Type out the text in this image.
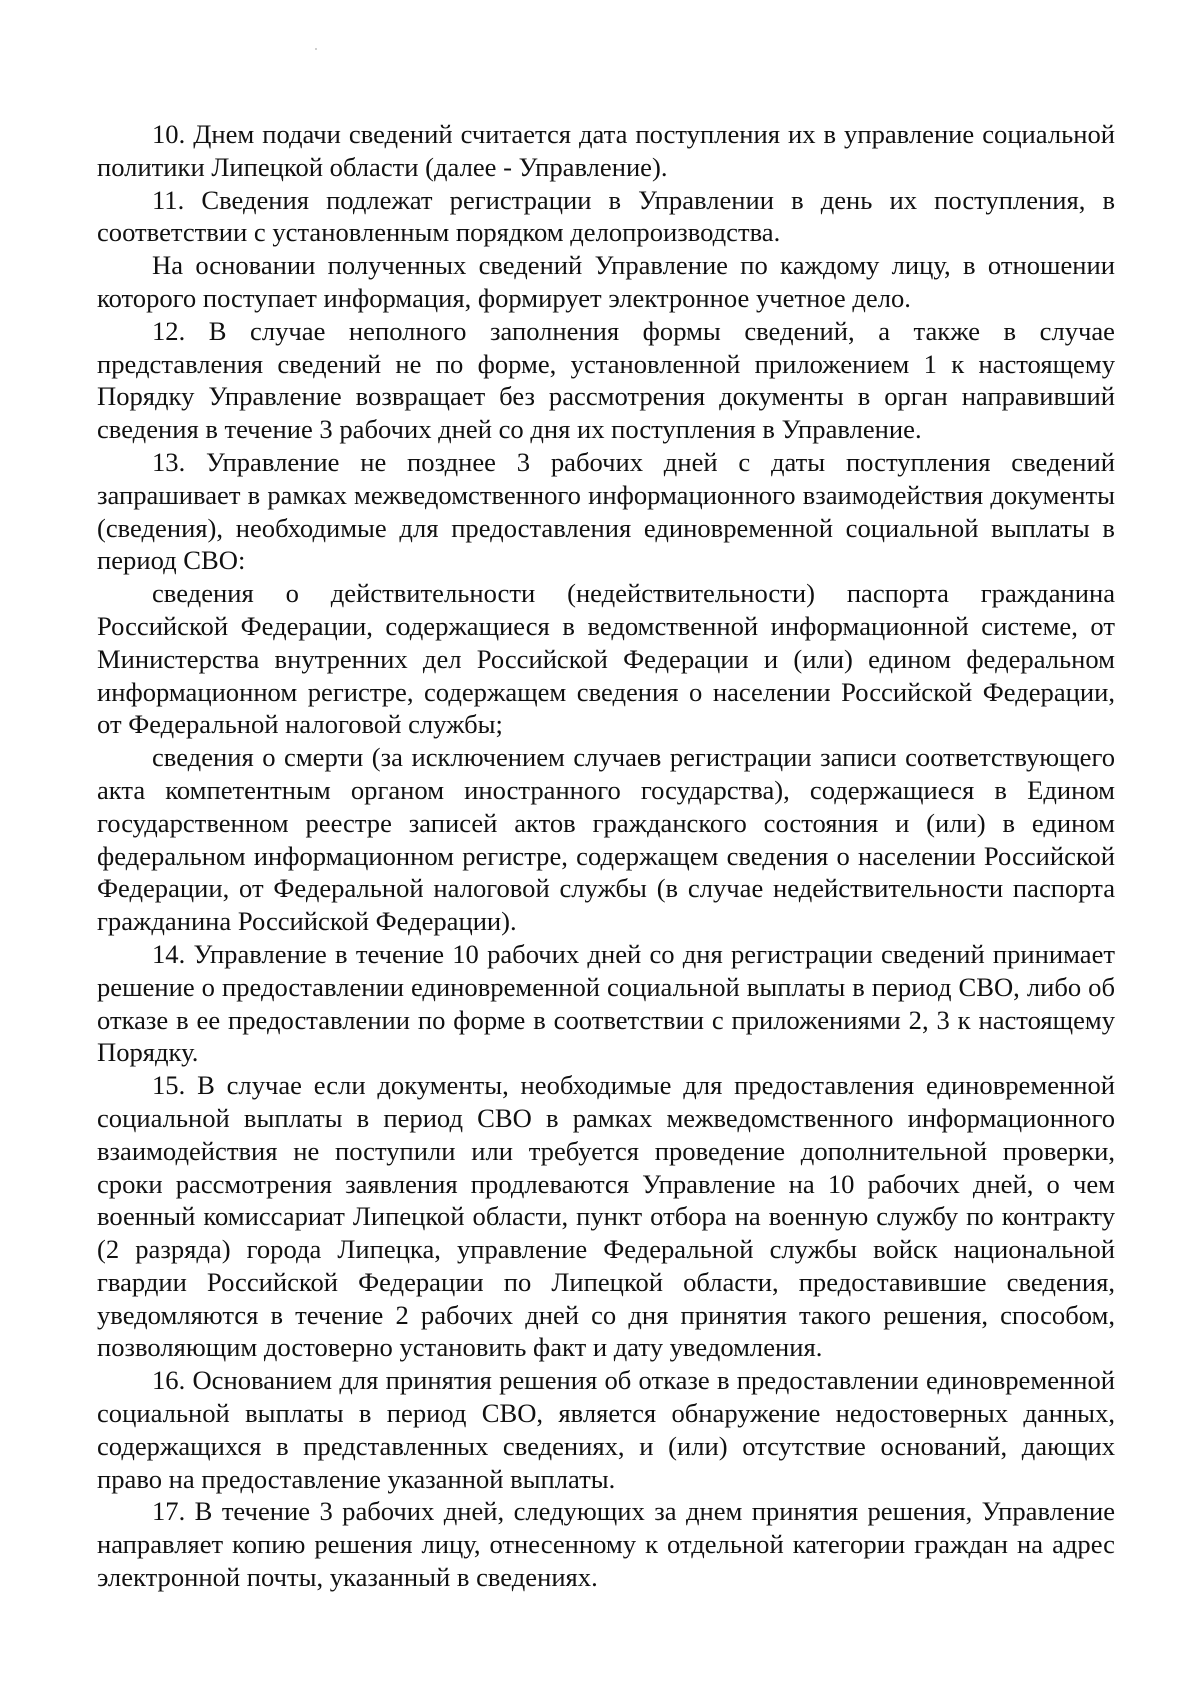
10. Днем подачи сведений считается дата поступления их в управление социальной политики Липецкой области (далее - Управление).

11. Сведения подлежат регистрации в Управлении в день их поступления, в соответствии с установленным порядком делопроизводства.

На основании полученных сведений Управление по каждому лицу, в отношении которого поступает информация, формирует электронное учетное дело.

12. В случае неполного заполнения формы сведений, а также в случае представления сведений не по форме, установленной приложением 1 к настоящему Порядку Управление возвращает без рассмотрения документы в орган направивший сведения в течение 3 рабочих дней со дня их поступления в Управление.

13. Управление не позднее 3 рабочих дней с даты поступления сведений запрашивает в рамках межведомственного информационного взаимодействия документы (сведения), необходимые для предоставления единовременной социальной выплаты в период СВО:

сведения о действительности (недействительности) паспорта гражданина Российской Федерации, содержащиеся в ведомственной информационной системе, от Министерства внутренних дел Российской Федерации и (или) едином федеральном информационном регистре, содержащем сведения о населении Российской Федерации, от Федеральной налоговой службы;

сведения о смерти (за исключением случаев регистрации записи соответствующего акта компетентным органом иностранного государства), содержащиеся в Едином государственном реестре записей актов гражданского состояния и (или) в едином федеральном информационном регистре, содержащем сведения о населении Российской Федерации, от Федеральной налоговой службы (в случае недействительности паспорта гражданина Российской Федерации).

14. Управление в течение 10 рабочих дней со дня регистрации сведений принимает решение о предоставлении единовременной социальной выплаты в период СВО, либо об отказе в ее предоставлении по форме в соответствии с приложениями 2, 3 к настоящему Порядку.

15. В случае если документы, необходимые для предоставления единовременной социальной выплаты в период СВО в рамках межведомственного информационного взаимодействия не поступили или требуется проведение дополнительной проверки, сроки рассмотрения заявления продлеваются Управление на 10 рабочих дней, о чем военный комиссариат Липецкой области, пункт отбора на военную службу по контракту (2 разряда) города Липецка, управление Федеральной службы войск национальной гвардии Российской Федерации по Липецкой области, предоставившие сведения, уведомляются в течение 2 рабочих дней со дня принятия такого решения, способом, позволяющим достоверно установить факт и дату уведомления.

16. Основанием для принятия решения об отказе в предоставлении единовременной социальной выплаты в период СВО, является обнаружение недостоверных данных, содержащихся в представленных сведениях, и (или) отсутствие оснований, дающих право на предоставление указанной выплаты.

17. В течение 3 рабочих дней, следующих за днем принятия решения, Управление направляет копию решения лицу, отнесенному к отдельной категории граждан на адрес электронной почты, указанный в сведениях.
